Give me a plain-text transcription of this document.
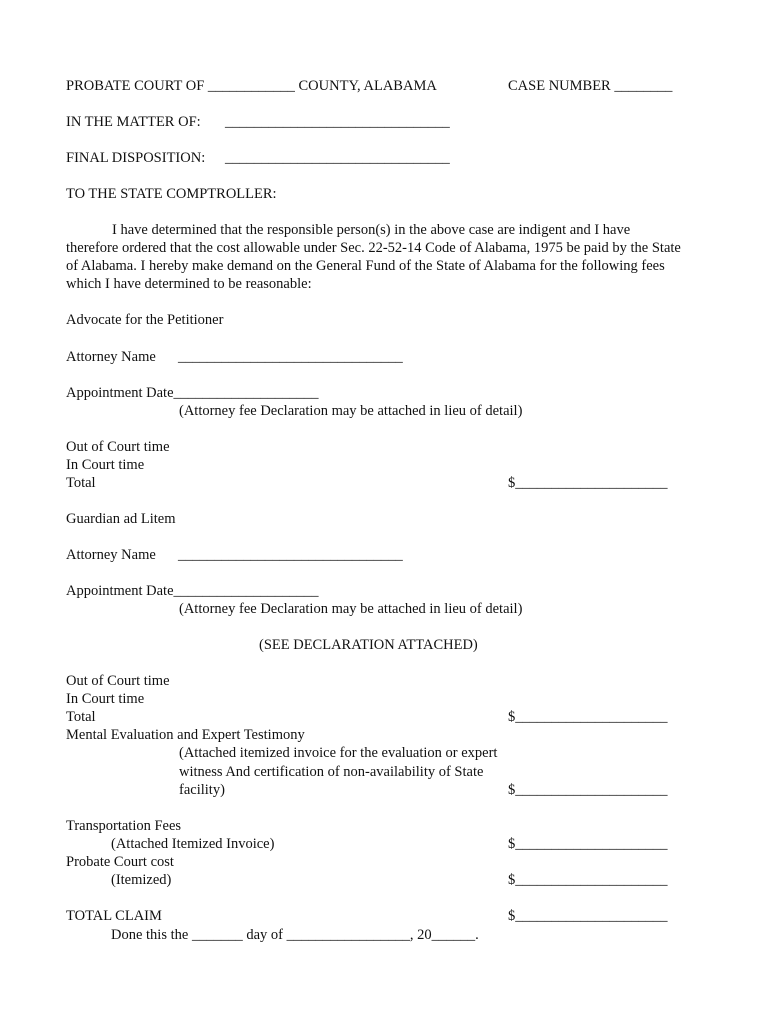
PROBATE COURT OF ____________ COUNTY, ALABAMA	CASE NUMBER ________
IN THE MATTER OF: _______________________________
FINAL DISPOSITION: _______________________________
TO THE STATE COMPTROLLER:
I have determined that the responsible person(s) in the above case are indigent and I have therefore ordered that the cost allowable under Sec. 22-52-14 Code of Alabama, 1975 be paid by the State of Alabama. I hereby make demand on the General Fund of the State of Alabama for the following fees which I have determined to be reasonable:
Advocate for the Petitioner
Attorney Name _______________________________
Appointment Date____________________
(Attorney fee Declaration may be attached in lieu of detail)
Out of Court time
In Court time
Total	$_____________________
Guardian ad Litem
Attorney Name _______________________________
Appointment Date____________________
(Attorney fee Declaration may be attached in lieu of detail)
(SEE DECLARATION ATTACHED)
Out of Court time
In Court time
Total	$_____________________
Mental Evaluation and Expert Testimony
(Attached itemized invoice for the evaluation or expert
witness And certification of non-availability of State
facility)	$_____________________
Transportation Fees
(Attached Itemized Invoice)	$_____________________
Probate Court cost
(Itemized)	$_____________________
TOTAL CLAIM	$_____________________
Done this the _______ day of _________________, 20______.
